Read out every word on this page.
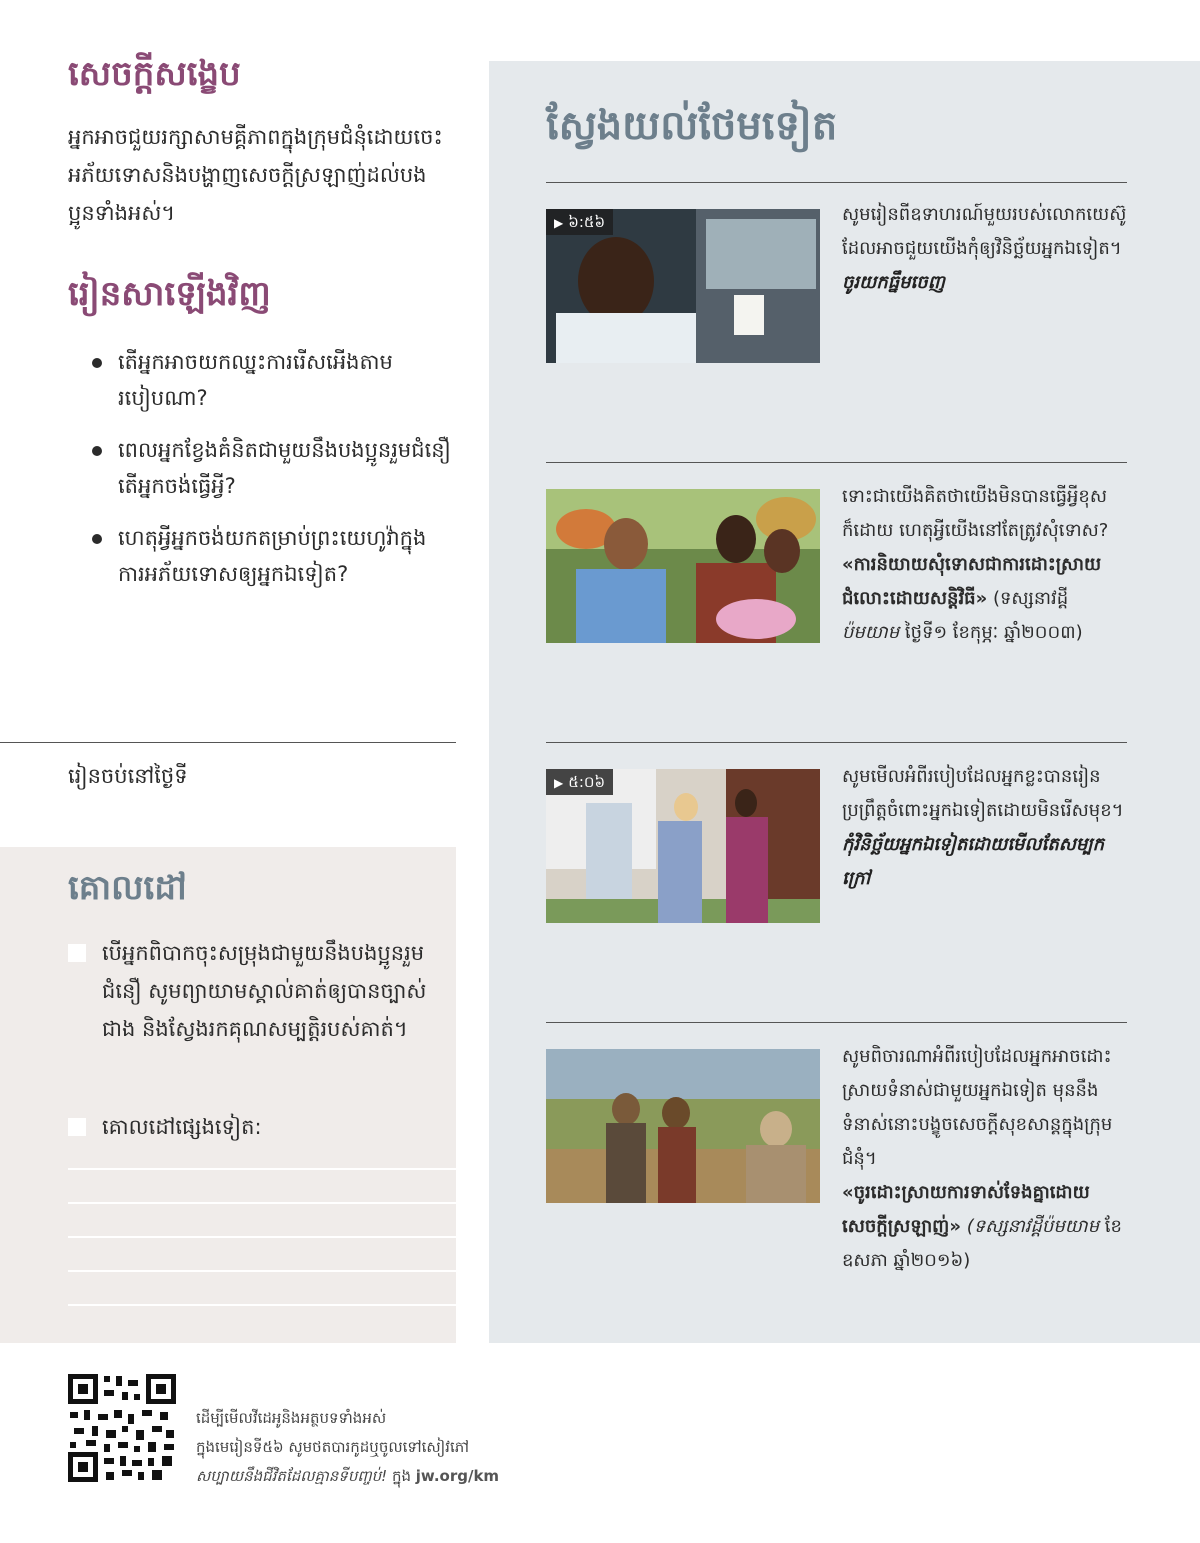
សេចក្ដីសង្ខេប

អ្នកអាចជួយរក្សាសាមគ្គីភាពក្នុងក្រុមជំនុំដោយចេះអភ័យទោសនិងបង្ហាញសេចក្ដីស្រឡាញ់ដល់បងប្អូនទាំងអស់។

រៀនសាឡើងវិញ
តើអ្នកអាចយកឈ្នះការរើសអើងតាមរបៀបណា?
ពេលអ្នកខ្វែងគំនិតជាមួយនឹងបងប្អូនរួមជំនឿ តើអ្នកចង់ធ្វើអ្វី?
ហេតុអ្វីអ្នកចង់យកតម្រាប់ព្រះយេហូវ៉ាក្នុងការអភ័យទោសឲ្យអ្នកឯទៀត?
រៀនចប់នៅថ្ងៃទី
គោលដៅ
បើអ្នកពិបាកចុះសម្រុងជាមួយនឹងបងប្អូនរួមជំនឿ សូមព្យាយាមស្គាល់គាត់ឲ្យបានច្បាស់ជាង និងស្វែងរកគុណសម្បត្តិរបស់គាត់។
គោលដៅផ្សេងទៀត:
ស្វែងយល់ថែមទៀត
▶ ៦:៥៦	សូមរៀនពីឧទាហរណ៍មួយរបស់លោកយេស៊ូដែលអាចជួយយើងកុំឲ្យវិនិច្ឆ័យអ្នកឯទៀត។
ចូរយកធ្នឹមចេញ
ទោះជាយើងគិតថាយើងមិនបានធ្វើអ្វីខុសក៏ដោយ ហេតុអ្វីយើងនៅតែត្រូវសុំទោស?
«ការនិយាយសុំទោសជាការដោះស្រាយជំលោះដោយសន្តិវិធី» (ទស្សនាវដ្ដី ប៉មយាម ថ្ងៃទី១ ខែកុម្ភៈ ឆ្នាំ២០០៣)
▶ ៥:០៦	សូមមើលអំពីរបៀបដែលអ្នកខ្លះបានរៀនប្រព្រឹត្តចំពោះអ្នកឯទៀតដោយមិនរើសមុខ។
កុំវិនិច្ឆ័យអ្នកឯទៀតដោយមើលតែសម្បកក្រៅ
សូមពិចារណាអំពីរបៀបដែលអ្នកអាចដោះស្រាយទំនាស់ជាមួយអ្នកឯទៀត មុននឹងទំនាស់នោះបង្ខូចសេចក្ដីសុខសាន្តក្នុងក្រុមជំនុំ។
«ចូរដោះស្រាយការទាស់ទែងគ្នាដោយសេចក្ដីស្រឡាញ់» (ទស្សនាវដ្ដីប៉មយាម ខែឧសភា ឆ្នាំ២០១៦)
ដើម្បីមើលវីដេអូនិងអត្ថបទទាំងអស់
ក្នុងមេរៀនទី៥៦ សូមថតបារកូដឬចូលទៅសៀវភៅ
សប្បាយនឹងជីវិតដែលគ្មានទីបញ្ចប់! ក្នុង jw.org/km
